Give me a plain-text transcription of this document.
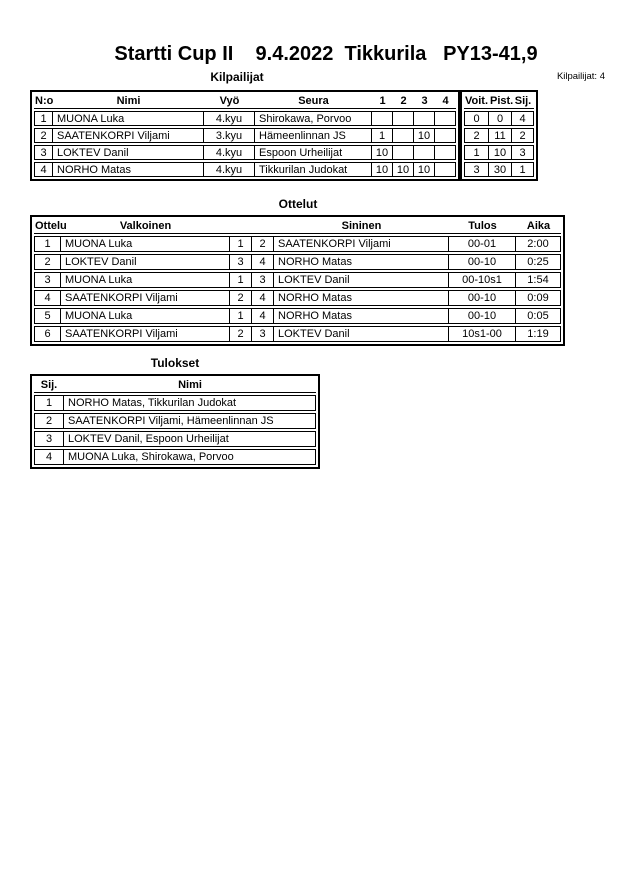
Startti Cup II    9.4.2022  Tikkurila   PY13-41,9
Kilpailijat	Kilpailijat: 4
N:o	Nimi	Vyö	Seura	1	2	3	4
1	MUONA Luka	4.kyu	Shirokawa, Porvoo				
2	SAATENKORPI Viljami	3.kyu	Hämeenlinnan JS	1		10	
3	LOKTEV Danil	4.kyu	Espoon Urheilijat	10			
4	NORHO Matas	4.kyu	Tikkurilan Judokat	10	10	10	
Voit.	Pist.	Sij.
0	0	4
2	11	2
1	10	3
3	30	1
Ottelut
Ottelu	Valkoinen			Sininen	Tulos	Aika
1	MUONA Luka	1	2	SAATENKORPI Viljami	00-01	2:00
2	LOKTEV Danil	3	4	NORHO Matas	00-10	0:25
3	MUONA Luka	1	3	LOKTEV Danil	00-10s1	1:54
4	SAATENKORPI Viljami	2	4	NORHO Matas	00-10	0:09
5	MUONA Luka	1	4	NORHO Matas	00-10	0:05
6	SAATENKORPI Viljami	2	3	LOKTEV Danil	10s1-00	1:19
Tulokset
Sij.	Nimi
1	NORHO Matas, Tikkurilan Judokat
2	SAATENKORPI Viljami, Hämeenlinnan JS
3	LOKTEV Danil, Espoon Urheilijat
4	MUONA Luka, Shirokawa, Porvoo
